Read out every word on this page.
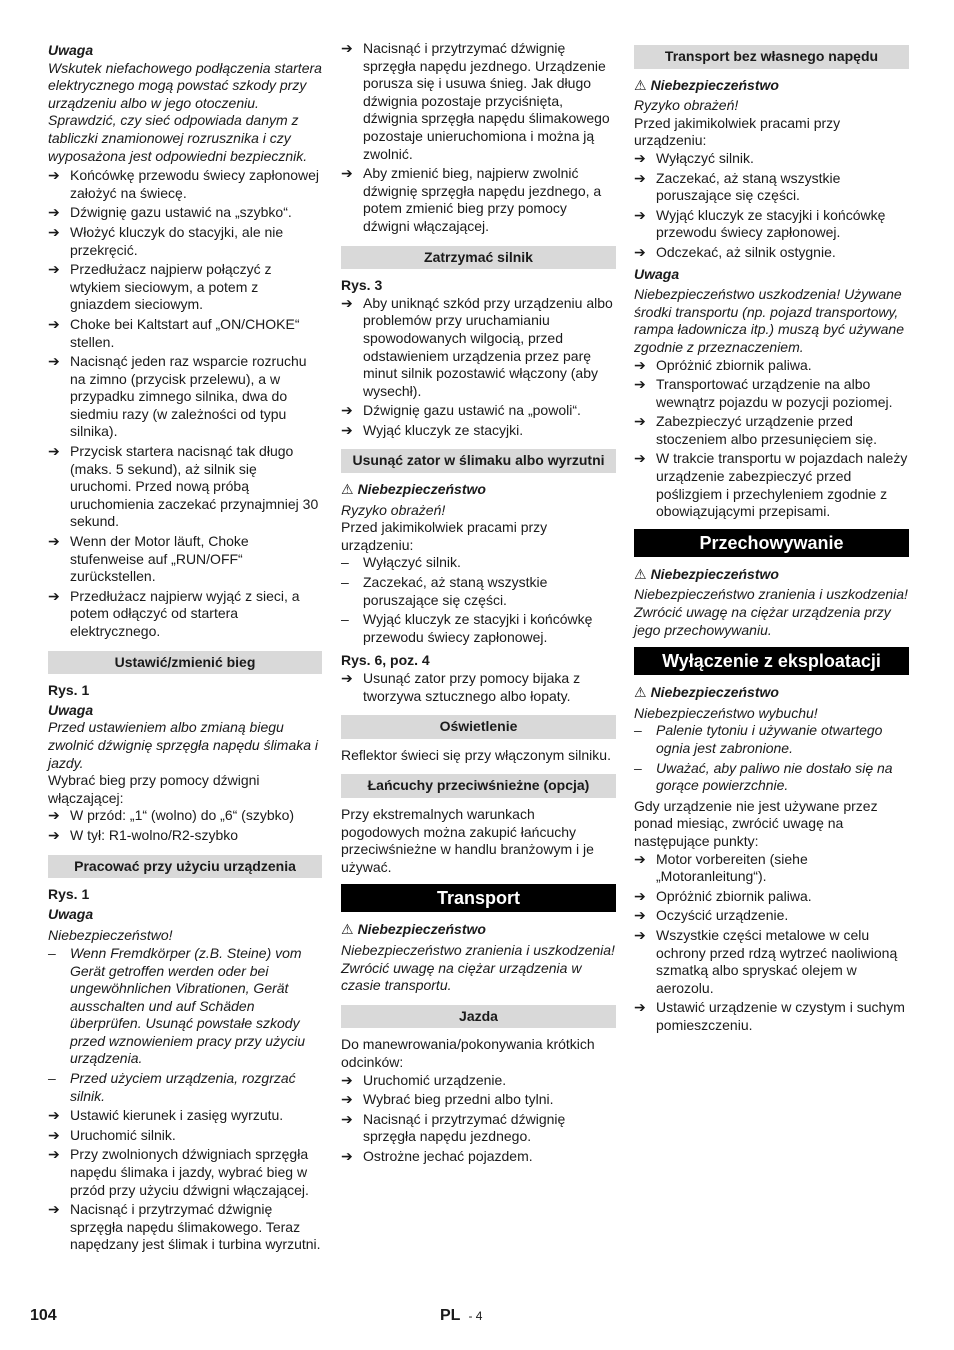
Uwaga
Wskutek niefachowego podłączenia startera elektrycznego mogą powstać szkody przy urządzeniu albo w jego otoczeniu. Sprawdzić, czy sieć odpowiada danym z tabliczki znamionowej rozrusznika i czy wyposażona jest odpowiedni bezpiecznik.
➔ Końcówkę przewodu świecy zapłonowej założyć na świecę.
➔ Dźwignię gazu ustawić na „szybko“.
➔ Włożyć kluczyk do stacyjki, ale nie przekręcić.
➔ Przedłużacz najpierw połączyć z wtykiem sieciowym, a potem z gniazdem sieciowym.
➔ Choke bei Kaltstart auf „ON/CHOKE“ stellen.
➔ Nacisnąć jeden raz wsparcie rozruchu na zimno (przycisk przelewu), a w przypadku zimnego silnika, dwa do siedmiu razy (w zależności od typu silnika).
➔ Przycisk startera nacisnąć tak długo (maks. 5 sekund), aż silnik się uruchomi. Przed nową próbą uruchomienia zaczekać przynajmniej 30 sekund.
➔ Wenn der Motor läuft, Choke stufenweise auf „RUN/OFF“ zurückstellen.
➔ Przedłużacz najpierw wyjąć z sieci, a potem odłączyć od startera elektrycznego.
Ustawić/zmienić bieg
Rys. 1
Uwaga
Przed ustawieniem albo zmianą biegu zwolnić dźwignię sprzęgła napędu ślimaka i jazdy.
Wybrać bieg przy pomocy dźwigni włączającej:
➔ W przód: „1“ (wolno) do „6“ (szybko)
➔ W tył: R1-wolno/R2-szybko
Pracować przy użyciu urządzenia
Rys. 1
Uwaga
Niebezpieczeństwo!
– Wenn Fremdkörper (z.B. Steine) vom Gerät getroffen werden oder bei ungewöhnlichen Vibrationen, Gerät ausschalten und auf Schäden überprüfen. Usunąć powstałe szkody przed wznowieniem pracy przy użyciu urządzenia.
– Przed użyciem urządzenia, rozgrzać silnik.
➔ Ustawić kierunek i zasięg wyrzutu.
➔ Uruchomić silnik.
➔ Przy zwolnionych dźwigniach sprzęgła napędu ślimaka i jazdy, wybrać bieg w przód przy użyciu dźwigni włączającej.
➔ Nacisnąć i przytrzymać dźwignię sprzęgła napędu ślimakowego. Teraz napędzany jest ślimak i turbina wyrzutni.
➔ Nacisnąć i przytrzymać dźwignię sprzęgła napędu jezdnego. Urządzenie porusza się i usuwa śnieg. Jak długo dźwignia pozostaje przyciśnięta, dźwignia sprzęgła napędu ślimakowego pozostaje unieruchomiona i można ją zwolnić.
➔ Aby zmienić bieg, najpierw zwolnić dźwignię sprzęgła napędu jezdnego, a potem zmienić bieg przy pomocy dźwigni włączającej.
Zatrzymać silnik
Rys. 3
➔ Aby uniknąć szkód przy urządzeniu albo problemów przy uruchamianiu spowodowanych wilgocią, przed odstawieniem urządzenia przez parę minut silnik pozostawić włączony (aby wysechł).
➔ Dźwignię gazu ustawić na „powoli“.
➔ Wyjąć kluczyk ze stacyjki.
Usunąć zator w ślimaku albo wyrzutni
⚠ Niebezpieczeństwo
Ryzyko obrażeń!
Przed jakimikolwiek pracami przy urządzeniu:
– Wyłączyć silnik.
– Zaczekać, aż staną wszystkie poruszające się części.
– Wyjąć kluczyk ze stacyjki i końcówkę przewodu świecy zapłonowej.
Rys. 6, poz. 4
➔ Usunąć zator przy pomocy bijaka z tworzywa sztucznego albo łopaty.
Oświetlenie
Reflektor świeci się przy włączonym silniku.
Łańcuchy przeciwśnieżne (opcja)
Przy ekstremalnych warunkach pogodowych można zakupić łańcuchy przeciwśnieżne w handlu branżowym i je używać.
Transport
⚠ Niebezpieczeństwo
Niebezpieczeństwo zranienia i uszkodzenia! Zwrócić uwagę na ciężar urządzenia w czasie transportu.
Jazda
Do manewrowania/pokonywania krótkich odcinków:
➔ Uruchomić urządzenie.
➔ Wybrać bieg przedni albo tylni.
➔ Nacisnąć i przytrzymać dźwignię sprzęgła napędu jezdnego.
➔ Ostrożne jechać pojazdem.
Transport bez własnego napędu
⚠ Niebezpieczeństwo
Ryzyko obrażeń!
Przed jakimikolwiek pracami przy urządzeniu:
➔ Wyłączyć silnik.
➔ Zaczekać, aż staną wszystkie poruszające się części.
➔ Wyjąć kluczyk ze stacyjki i końcówkę przewodu świecy zapłonowej.
➔ Odczekać, aż silnik ostygnie.
Uwaga
Niebezpieczeństwo uszkodzenia! Używane środki transportu (np. pojazd transportowy, rampa ładownicza itp.) muszą być używane zgodnie z przeznaczeniem.
➔ Opróżnić zbiornik paliwa.
➔ Transportować urządzenie na albo wewnątrz pojazdu w pozycji poziomej.
➔ Zabezpieczyć urządzenie przed stoczeniem albo przesunięciem się.
➔ W trakcie transportu w pojazdach należy urządzenie zabezpieczyć przed poślizgiem i przechyleniem zgodnie z obowiązującymi przepisami.
Przechowywanie
⚠ Niebezpieczeństwo
Niebezpieczeństwo zranienia i uszkodzenia! Zwrócić uwagę na ciężar urządzenia przy jego przechowywaniu.
Wyłączenie z eksploatacji
⚠ Niebezpieczeństwo
Niebezpieczeństwo wybuchu!
– Palenie tytoniu i używanie otwartego ognia jest zabronione.
– Uważać, aby paliwo nie dostało się na gorące powierzchnie.
Gdy urządzenie nie jest używane przez ponad miesiąc, zwrócić uwagę na następujące punkty:
➔ Motor vorbereiten (siehe „Motoranleitung“).
➔ Opróżnić zbiornik paliwa.
➔ Oczyścić urządzenie.
➔ Wszystkie części metalowe w celu ochrony przed rdzą wytrzeć naoliwioną szmatką albo spryskać olejem w aerozolu.
➔ Ustawić urządzenie w czystym i suchym pomieszczeniu.
104	PL - 4
